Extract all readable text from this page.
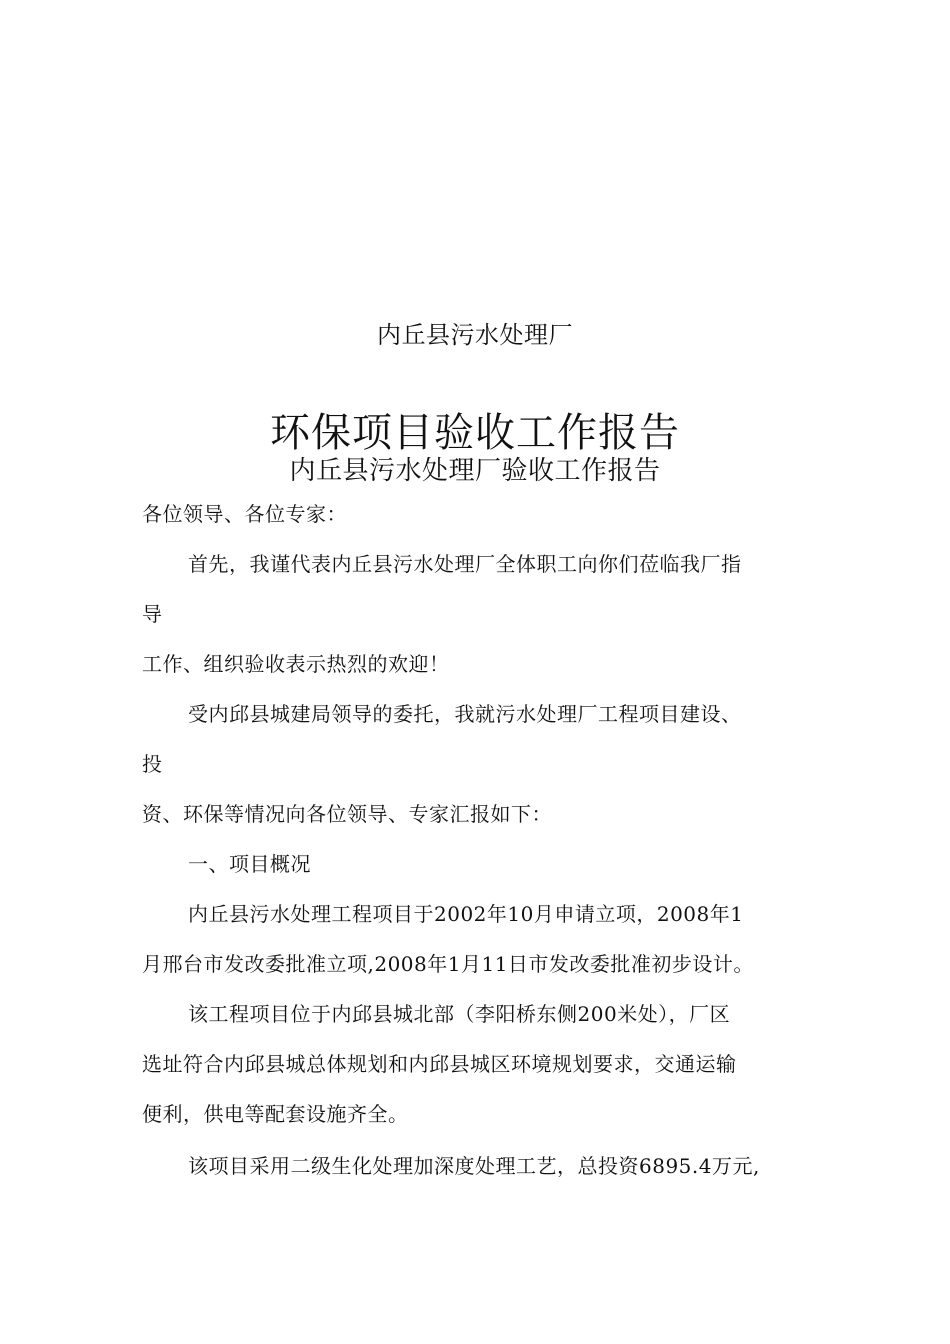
内丘县污水处理厂
环保项目验收工作报告
内丘县污水处理厂验收工作报告
各位领导、各位专家：
首先，我谨代表内丘县污水处理厂全体职工向你们莅临我厂指
导
工作、组织验收表示热烈的欢迎！
受内邱县城建局领导的委托，我就污水处理厂工程项目建设、
投
资、环保等情况向各位领导、专家汇报如下：
一、项目概况
内丘县污水处理工程项目于2002年10月申请立项，2008年1
月邢台市发改委批准立项,2008年1月11日市发改委批准初步设计。
该工程项目位于内邱县城北部（李阳桥东侧200米处），厂区
选址符合内邱县城总体规划和内邱县城区环境规划要求，交通运输
便利，供电等配套设施齐全。
该项目采用二级生化处理加深度处理工艺，总投资6895.4万元,
